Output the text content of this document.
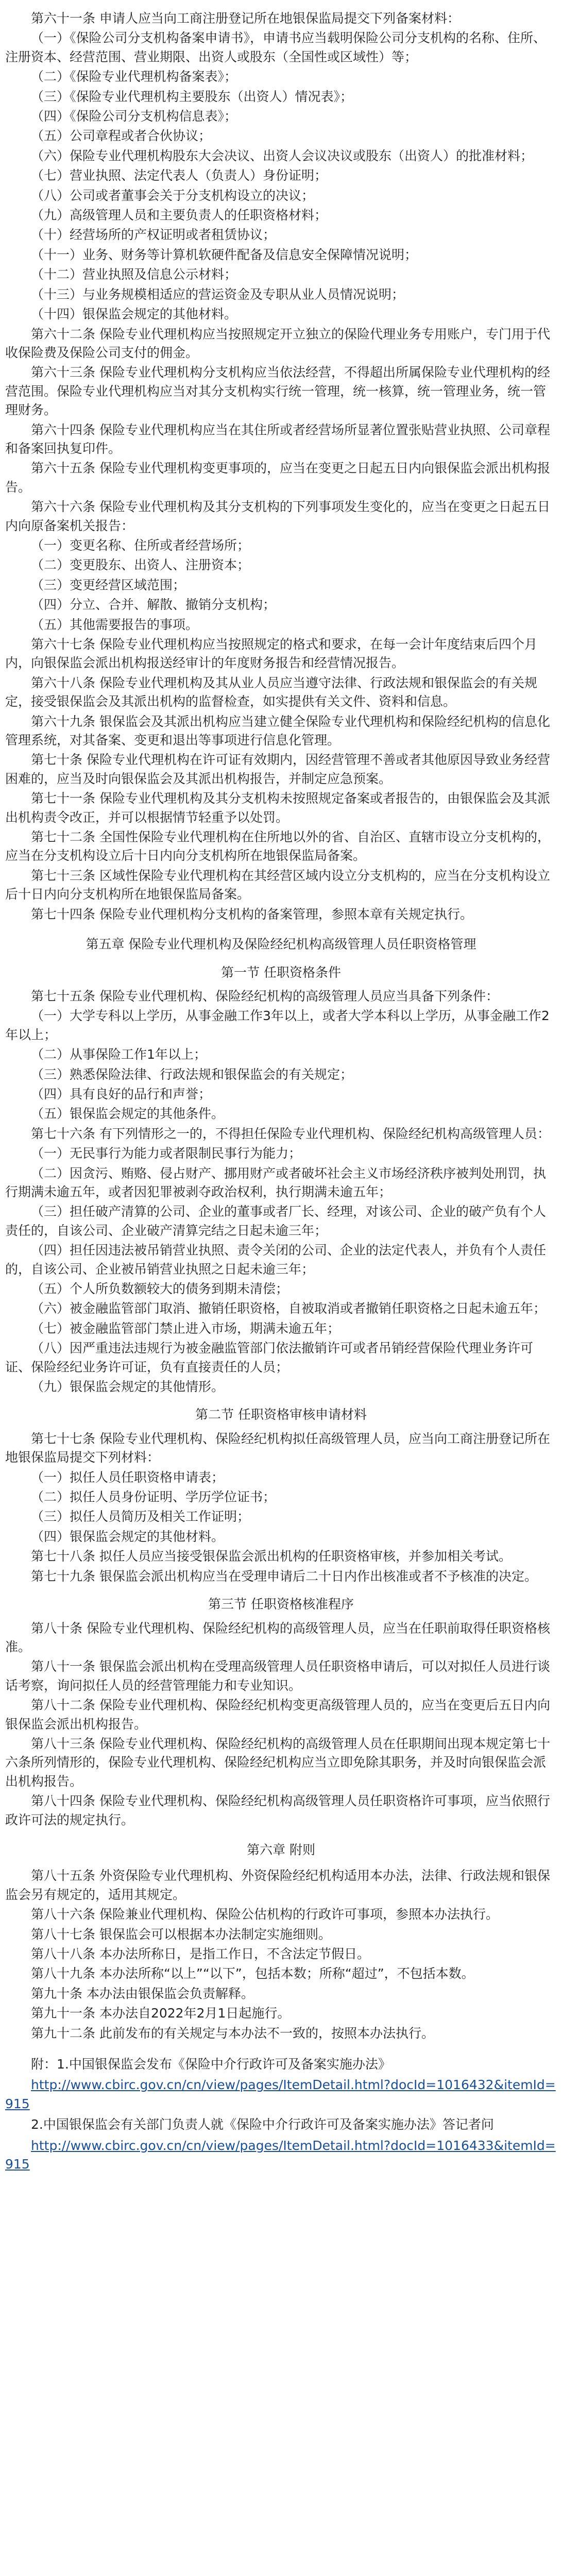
第六十一条 申请人应当向工商注册登记所在地银保监局提交下列备案材料：

（一）《保险公司分支机构备案申请书》，申请书应当载明保险公司分支机构的名称、住所、注册资本、经营范围、营业期限、出资人或股东（全国性或区域性）等；

（二）《保险专业代理机构备案表》；

（三）《保险专业代理机构主要股东（出资人）情况表》；

（四）《保险公司分支机构信息表》；

（五）公司章程或者合伙协议；

（六）保险专业代理机构股东大会决议、出资人会议决议或股东（出资人）的批准材料；

（七）营业执照、法定代表人（负责人）身份证明；

（八）公司或者董事会关于分支机构设立的决议；

（九）高级管理人员和主要负责人的任职资格材料；

（十）经营场所的产权证明或者租赁协议；

（十一）业务、财务等计算机软硬件配备及信息安全保障情况说明；

（十二）营业执照及信息公示材料；

（十三）与业务规模相适应的营运资金及专职从业人员情况说明；

（十四）银保监会规定的其他材料。

第六十二条 保险专业代理机构应当按照规定开立独立的保险代理业务专用账户，专门用于代收保险费及保险公司支付的佣金。

第六十三条 保险专业代理机构分支机构应当依法经营，不得超出所属保险专业代理机构的经营范围。保险专业代理机构应当对其分支机构实行统一管理，统一核算，统一管理业务，统一管理财务。

第六十四条 保险专业代理机构应当在其住所或者经营场所显著位置张贴营业执照、公司章程和备案回执复印件。

第六十五条 保险专业代理机构变更事项的，应当在变更之日起五日内向银保监会派出机构报告。

第六十六条 保险专业代理机构及其分支机构的下列事项发生变化的，应当在变更之日起五日内向原备案机关报告：

（一）变更名称、住所或者经营场所；

（二）变更股东、出资人、注册资本；

（三）变更经营区域范围；

（四）分立、合并、解散、撤销分支机构；

（五）其他需要报告的事项。

第六十七条 保险专业代理机构应当按照规定的格式和要求，在每一会计年度结束后四个月内，向银保监会派出机构报送经审计的年度财务报告和经营情况报告。

第六十八条 保险专业代理机构及其从业人员应当遵守法律、行政法规和银保监会的有关规定，接受银保监会及其派出机构的监督检查，如实提供有关文件、资料和信息。

第六十九条 银保监会及其派出机构应当建立健全保险专业代理机构和保险经纪机构的信息化管理系统，对其备案、变更和退出等事项进行信息化管理。

第七十条 保险专业代理机构在许可证有效期内，因经营管理不善或者其他原因导致业务经营困难的，应当及时向银保监会及其派出机构报告，并制定应急预案。

第七十一条 保险专业代理机构及其分支机构未按照规定备案或者报告的，由银保监会及其派出机构责令改正，并可以根据情节轻重予以处罚。

第七十二条 全国性保险专业代理机构在住所地以外的省、自治区、直辖市设立分支机构的，应当在分支机构设立后十日内向分支机构所在地银保监局备案。

第七十三条 区域性保险专业代理机构在其经营区域内设立分支机构的，应当在分支机构设立后十日内向分支机构所在地银保监局备案。

第七十四条 保险专业代理机构分支机构的备案管理，参照本章有关规定执行。

第五章 保险专业代理机构及保险经纪机构高级管理人员任职资格管理
第一节 任职资格条件

第七十五条 保险专业代理机构、保险经纪机构的高级管理人员应当具备下列条件：

（一）大学专科以上学历，从事金融工作3年以上，或者大学本科以上学历，从事金融工作2年以上；

（二）从事保险工作1年以上；

（三）熟悉保险法律、行政法规和银保监会的有关规定；

（四）具有良好的品行和声誉；

（五）银保监会规定的其他条件。

第七十六条 有下列情形之一的，不得担任保险专业代理机构、保险经纪机构高级管理人员：

（一）无民事行为能力或者限制民事行为能力；

（二）因贪污、贿赂、侵占财产、挪用财产或者破坏社会主义市场经济秩序被判处刑罚，执行期满未逾五年，或者因犯罪被剥夺政治权利，执行期满未逾五年；

（三）担任破产清算的公司、企业的董事或者厂长、经理，对该公司、企业的破产负有个人责任的，自该公司、企业破产清算完结之日起未逾三年；

（四）担任因违法被吊销营业执照、责令关闭的公司、企业的法定代表人，并负有个人责任的，自该公司、企业被吊销营业执照之日起未逾三年；

（五）个人所负数额较大的债务到期未清偿；

（六）被金融监管部门取消、撤销任职资格，自被取消或者撤销任职资格之日起未逾五年；

（七）被金融监管部门禁止进入市场，期满未逾五年；

（八）因严重违法违规行为被金融监管部门依法撤销许可或者吊销经营保险代理业务许可证、保险经纪业务许可证，负有直接责任的人员；

（九）银保监会规定的其他情形。

第二节 任职资格审核申请材料

第七十七条 保险专业代理机构、保险经纪机构拟任高级管理人员，应当向工商注册登记所在地银保监局提交下列材料：

（一）拟任人员任职资格申请表；

（二）拟任人员身份证明、学历学位证书；

（三）拟任人员简历及相关工作证明；

（四）银保监会规定的其他材料。

第七十八条 拟任人员应当接受银保监会派出机构的任职资格审核，并参加相关考试。

第七十九条 银保监会派出机构应当在受理申请后二十日内作出核准或者不予核准的决定。

第三节 任职资格核准程序

第八十条 保险专业代理机构、保险经纪机构的高级管理人员，应当在任职前取得任职资格核准。

第八十一条 银保监会派出机构在受理高级管理人员任职资格申请后，可以对拟任人员进行谈话考察，询问拟任人员的经营管理能力和专业知识。

第八十二条 保险专业代理机构、保险经纪机构变更高级管理人员的，应当在变更后五日内向银保监会派出机构报告。

第八十三条 保险专业代理机构、保险经纪机构的高级管理人员在任职期间出现本规定第七十六条所列情形的，保险专业代理机构、保险经纪机构应当立即免除其职务，并及时向银保监会派出机构报告。

第八十四条 保险专业代理机构、保险经纪机构高级管理人员任职资格许可事项，应当依照行政许可法的规定执行。

第六章 附则

第八十五条 外资保险专业代理机构、外资保险经纪机构适用本办法，法律、行政法规和银保监会另有规定的，适用其规定。

第八十六条 保险兼业代理机构、保险公估机构的行政许可事项，参照本办法执行。

第八十七条 银保监会可以根据本办法制定实施细则。

第八十八条 本办法所称日，是指工作日，不含法定节假日。

第八十九条 本办法所称“以上”“以下”，包括本数；所称“超过”，不包括本数。

第九十条 本办法由银保监会负责解释。

第九十一条 本办法自2022年2月1日起施行。

第九十二条 此前发布的有关规定与本办法不一致的，按照本办法执行。

附：1.中国银保监会发布《保险中介行政许可及备案实施办法》

http://www.cbirc.gov.cn/cn/view/pages/ItemDetail.html?docId=1016432&itemId=915

2.中国银保监会有关部门负责人就《保险中介行政许可及备案实施办法》答记者问

http://www.cbirc.gov.cn/cn/view/pages/ItemDetail.html?docId=1016433&itemId=915
